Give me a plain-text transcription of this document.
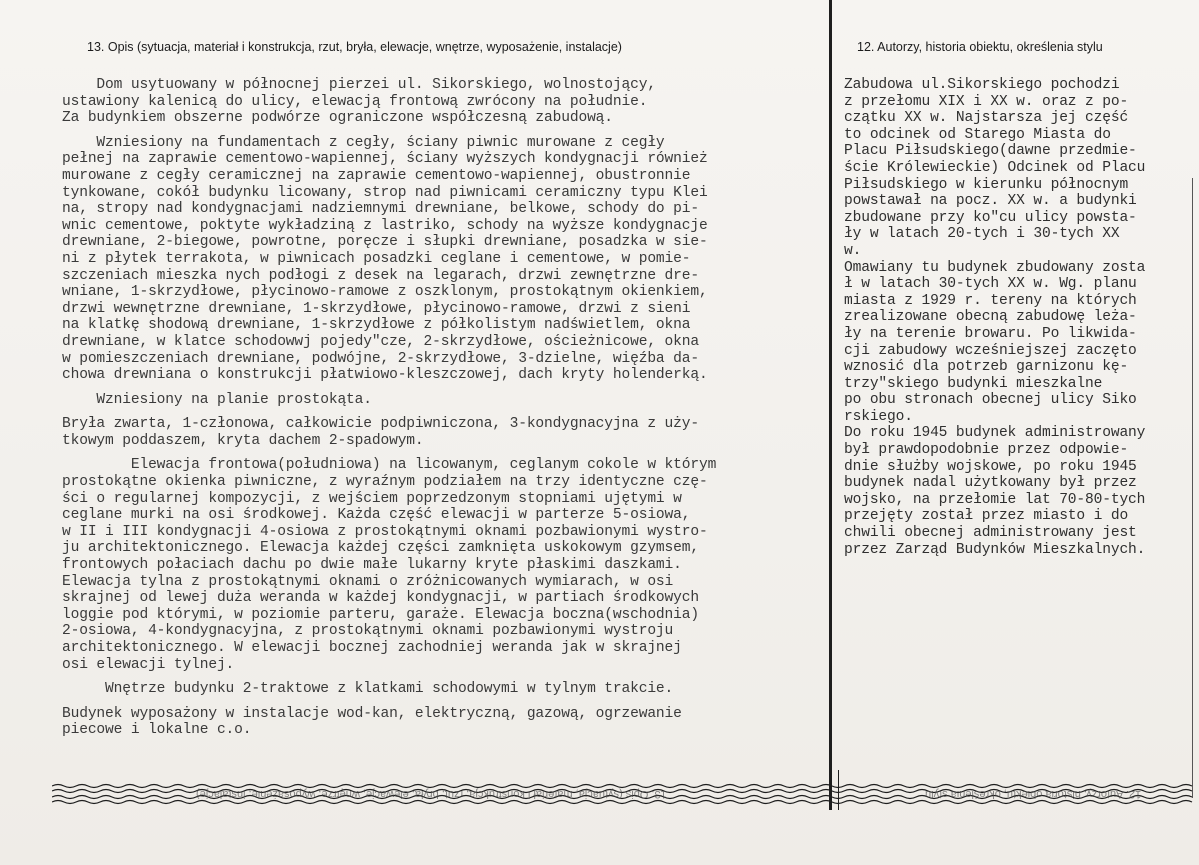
13. Opis (sytuacja, materiał i konstrukcja, rzut, bryła, elewacje, wnętrze, wyposażenie, instalacje)	12. Autorzy, historia obiektu, określenia stylu

Dom usytuowany w północnej pierzei ul. Sikorskiego, wolnostojący,
ustawiony kalenicą do ulicy, elewacją frontową zwrócony na południe.
Za budynkiem obszerne podwórze ograniczone współczesną zabudową.

Wzniesiony na fundamentach z cegły, ściany piwnic murowane z cegły
pełnej na zaprawie cementowo-wapiennej, ściany wyższych kondygnacji również
murowane z cegły ceramicznej na zaprawie cementowo-wapiennej, obustronnie
tynkowane, cokół budynku licowany, strop nad piwnicami ceramiczny typu Klei
na, stropy nad kondygnacjami nadziemnymi drewniane, belkowe, schody do pi-
wnic cementowe, poktyte wykładziną z lastriko, schody na wyższe kondygnacje
drewniane, 2-biegowe, powrotne, poręcze i słupki drewniane, posadzka w sie-
ni z płytek terrakota, w piwnicach posadzki ceglane i cementowe, w pomie-
szczeniach mieszka nych podłogi z desek na legarach, drzwi zewnętrzne dre-
wniane, 1-skrzydłowe, płycinowo-ramowe z oszklonym, prostokątnym okienkiem,
drzwi wewnętrzne drewniane, 1-skrzydłowe, płycinowo-ramowe, drzwi z sieni
na klatkę shodową drewniane, 1-skrzydłowe z półkolistym nadświetlem, okna
drewniane, w klatce schodowwj pojedy"cze, 2-skrzydłowe, ościeżnicowe, okna
w pomieszczeniach drewniane, podwójne, 2-skrzydłowe, 3-dzielne, więźba da-
chowa drewniana o konstrukcji płatwiowo-kleszczowej, dach kryty holenderką.

Wzniesiony na planie prostokąta.

Bryła zwarta, 1-członowa, całkowicie podpiwniczona, 3-kondygnacyjna z uży-
tkowym poddaszem, kryta dachem 2-spadowym.

Elewacja frontowa(południowa) na licowanym, ceglanym cokole w którym
prostokątne okienka piwniczne, z wyraźnym podziałem na trzy identyczne czę-
ści o regularnej kompozycji, z wejściem poprzedzonym stopniami ujętymi w
ceglane murki na osi środkowej. Każda część elewacji w parterze 5-osiowa,
w II i III kondygnacji 4-osiowa z prostokątnymi oknami pozbawionymi wystro-
ju architektonicznego. Elewacja każdej części zamknięta uskokowym gzymsem,
frontowych połaciach dachu po dwie małe lukarny kryte płaskimi daszkami.
Elewacja tylna z prostokątnymi oknami o zróżnicowanych wymiarach, w osi
skrajnej od lewej duża weranda w każdej kondygnacji, w partiach środkowych
loggie pod którymi, w poziomie parteru, garaże. Elewacja boczna(wschodnia)
2-osiowa, 4-kondygnacyjna, z prostokątnymi oknami pozbawionymi wystroju
architektonicznego. W elewacji bocznej zachodniej weranda jak w skrajnej
osi elewacji tylnej.

Wnętrze budynku 2-traktowe z klatkami schodowymi w tylnym trakcie.

Budynek wyposażony w instalacje wod-kan, elektryczną, gazową, ogrzewanie
piecowe i lokalne c.o.

Zabudowa ul.Sikorskiego pochodzi
z przełomu XIX i XX w. oraz z po-
czątku XX w. Najstarsza jej część
to odcinek od Starego Miasta do
Placu Piłsudskiego(dawne przedmie-
ście Królewieckie) Odcinek od Placu
Piłsudskiego w kierunku północnym
powstawał na pocz. XX w. a budynki
zbudowane przy ko"cu ulicy powsta-
ły w latach 20-tych i 30-tych XX
w.
Omawiany tu budynek zbudowany zosta
ł w latach 30-tych XX w. Wg. planu
miasta z 1929 r. tereny na których
zrealizowane obecną zabudowę leża-
ły na terenie browaru. Po likwida-
cji zabudowy wcześniejszej zaczęto
wznosić dla potrzeb garnizonu kę-
trzy"skiego budynki mieszkalne
po obu stronach obecnej ulicy Siko
rskiego.
Do roku 1945 budynek administrowany
był prawdopodobnie przez odpowie-
dnie służby wojskowe, po roku 1945
budynek nadal użytkowany był przez
wojsko, na przełomie lat 70-80-tych
przejęty został przez miasto i do
chwili obecnej administrowany jest
przez Zarząd Budynków Mieszkalnych.

13. Opis (sytuacja, materiał i konstrukcja, rzut, bryła, elewacje, wnętrze, wyposażenie, instalacje)	12. Autorzy, historia obiektu, określenia stylu
